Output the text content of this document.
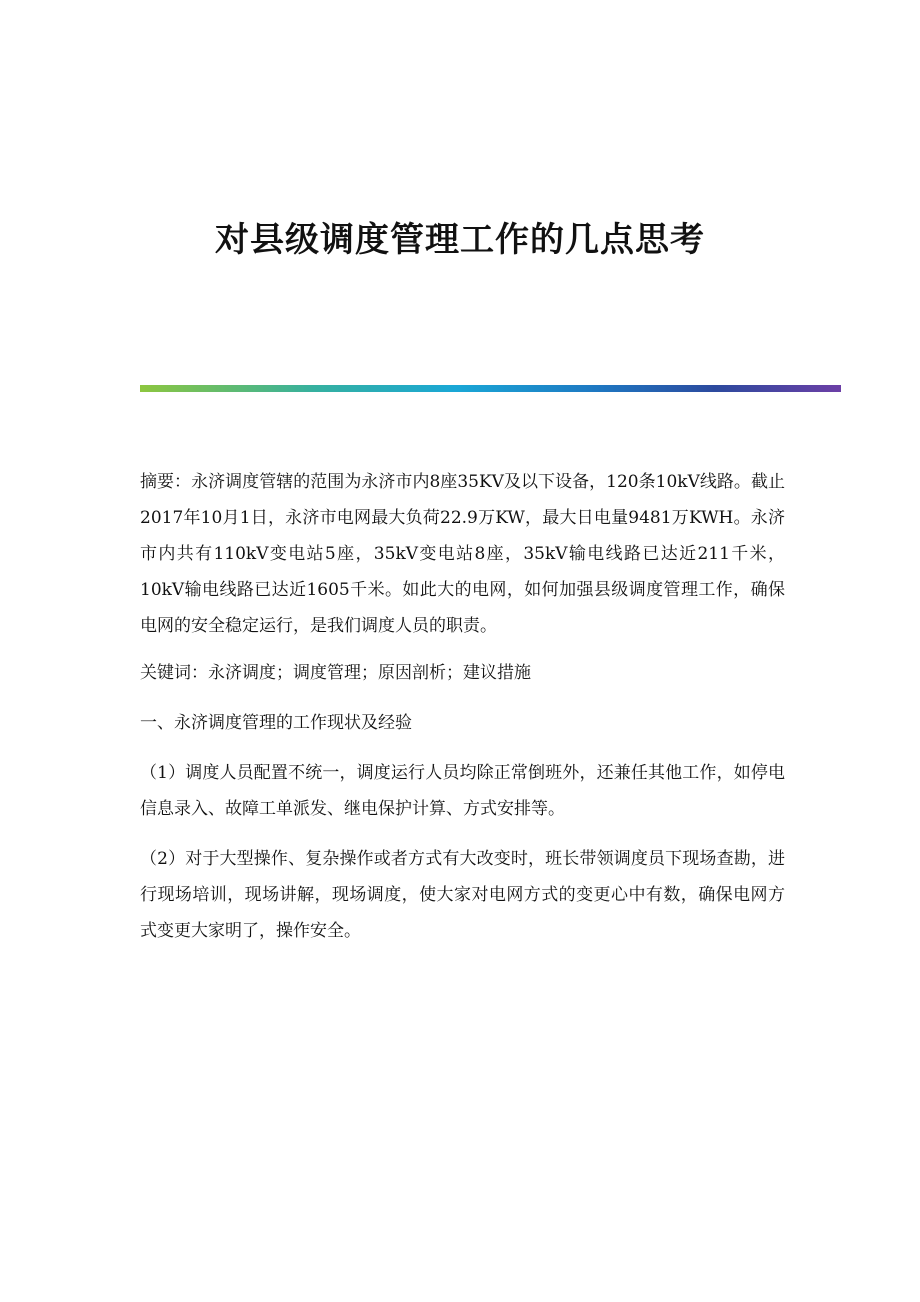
对县级调度管理工作的几点思考

摘要：永济调度管辖的范围为永济市内8座35KV及以下设备，120条10kV线路。截止2017年10月1日，永济市电网最大负荷22.9万KW，最大日电量9481万KWH。永济市内共有110kV变电站5座，35kV变电站8座，35kV输电线路已达近211千米，10kV输电线路已达近1605千米。如此大的电网，如何加强县级调度管理工作，确保电网的安全稳定运行，是我们调度人员的职责。

关键词：永济调度；调度管理；原因剖析；建议措施

一、永济调度管理的工作现状及经验

（1）调度人员配置不统一，调度运行人员均除正常倒班外，还兼任其他工作，如停电信息录入、故障工单派发、继电保护计算、方式安排等。

（2）对于大型操作、复杂操作或者方式有大改变时，班长带领调度员下现场查勘，进行现场培训，现场讲解，现场调度，使大家对电网方式的变更心中有数，确保电网方式变更大家明了，操作安全。
